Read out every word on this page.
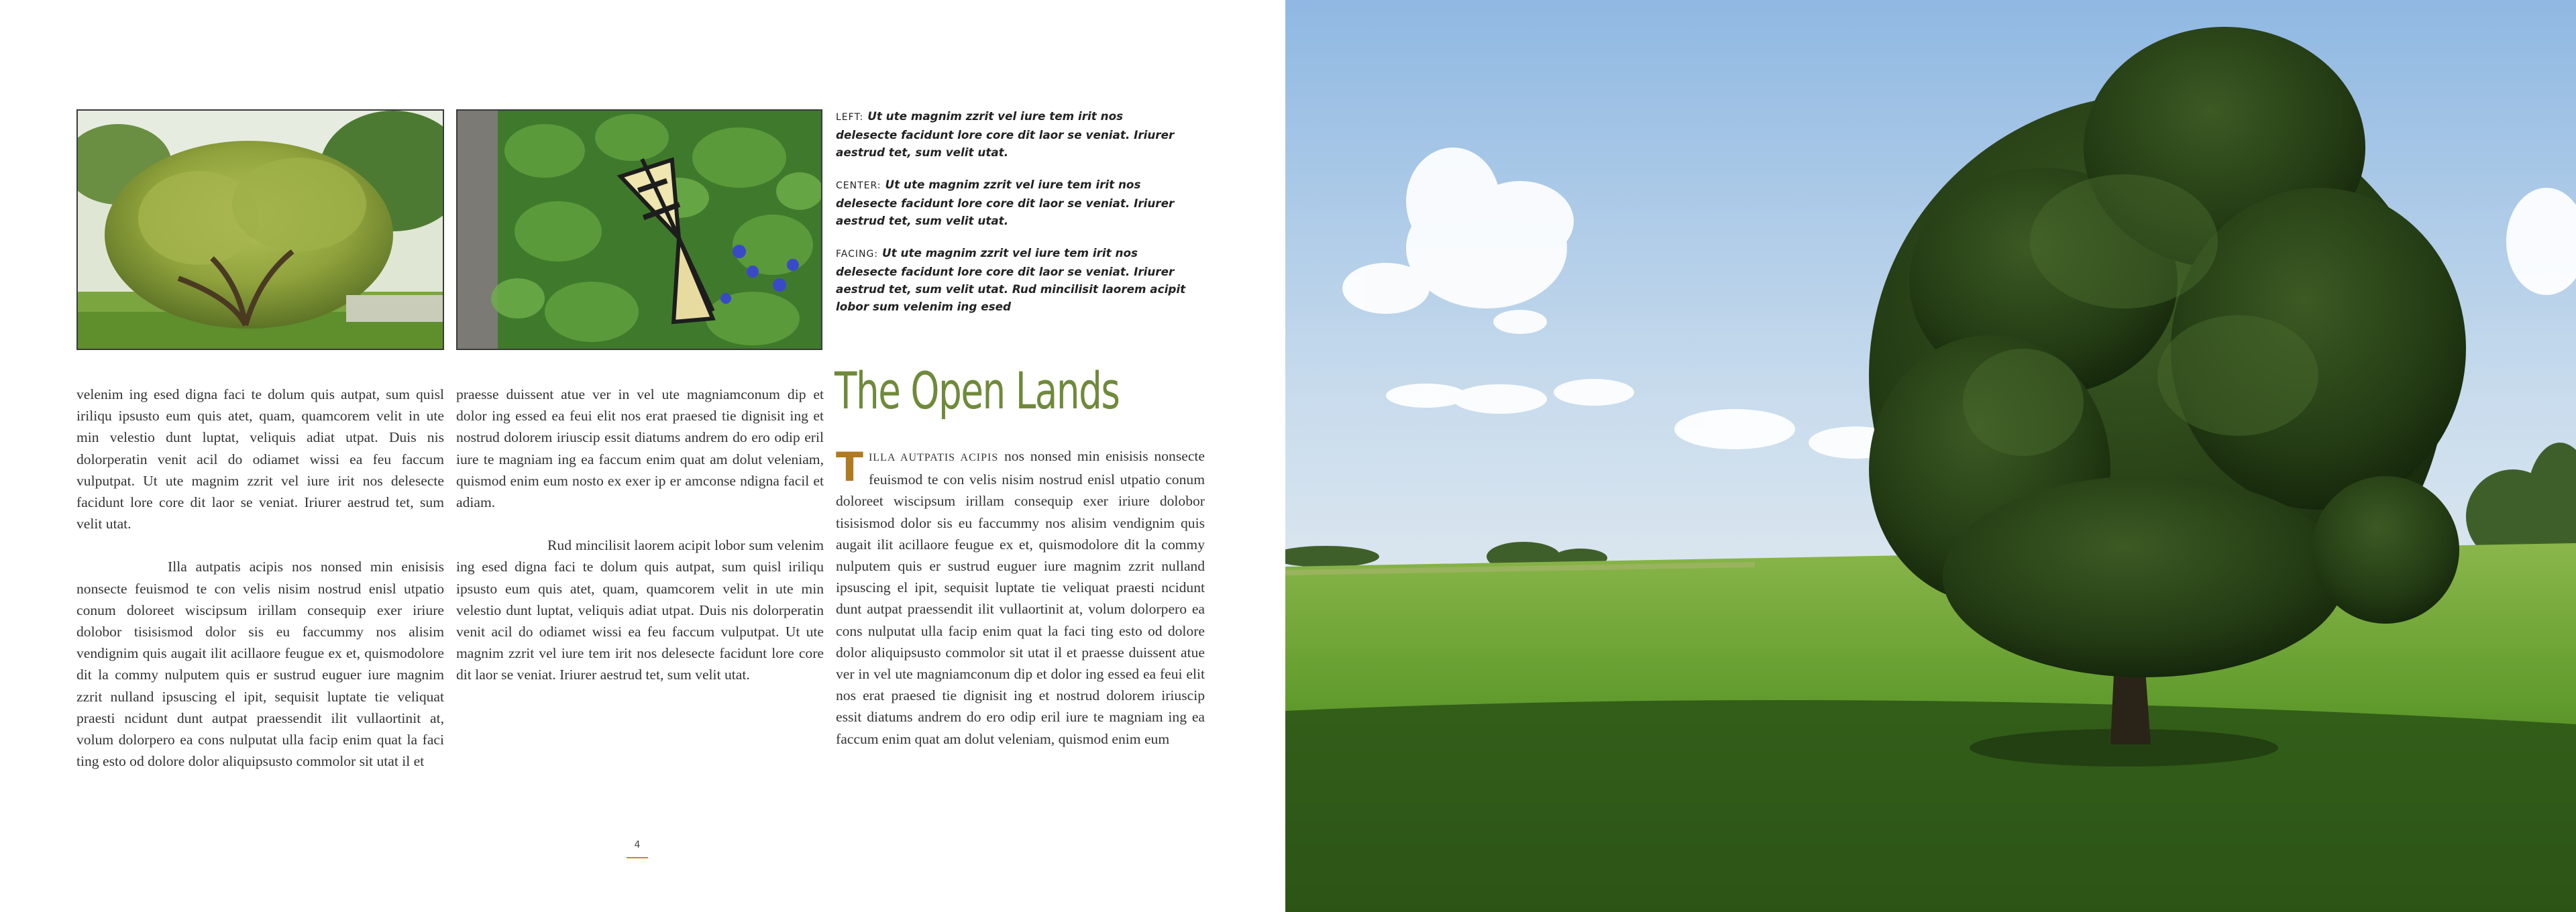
LEFT: Ut ute magnim zzrit vel iure tem irit nos delesecte facidunt lore core dit laor se veniat. Iriurer aestrud tet, sum velit utat.

CENTER: Ut ute magnim zzrit vel iure tem irit nos delesecte facidunt lore core dit laor se veniat. Iriurer aestrud tet, sum velit utat.

FACING: Ut ute magnim zzrit vel iure tem irit nos delesecte facidunt lore core dit laor se veniat. Iriurer aestrud tet, sum velit utat. Rud mincilisit laorem acipit lobor sum velenim ing esed

velenim ing esed digna faci te dolum quis autpat, sum quisl iriliqu ipsusto eum quis atet, quam, quamcorem velit in ute min velestio dunt luptat, veliquis adiat utpat. Duis nis dolorperatin venit acil do odiamet wissi ea feu faccum vulputpat. Ut ute magnim zzrit vel iure irit nos delesecte facidunt lore core dit laor se veniat. Iriurer aestrud tet, sum velit utat.

Illa autpatis acipis nos nonsed min enisisis nonsecte feuismod te con velis nisim nostrud enisl utpatio conum doloreet wiscipsum irillam consequip exer iriure dolobor tisisismod dolor sis eu faccummy nos alisim vendignim quis augait ilit acillaore feugue ex et, quismodolore dit la commy nulputem quis er sustrud euguer iure magnim zzrit nulland ipsuscing el ipit, sequisit luptate tie veliquat praesti ncidunt dunt autpat praessendit ilit vullaortinit at, volum dolorpero ea cons nulputat ulla facip enim quat la faci ting esto od dolore dolor aliquipsusto commolor sit utat il et

praesse duissent atue ver in vel ute magniamconum dip et dolor ing essed ea feui elit nos erat praesed tie dignisit ing et nostrud dolorem iriuscip essit diatums andrem do ero odip eril iure te magniam ing ea faccum enim quat am dolut veleniam, quismod enim eum nosto ex exer ip er amconse ndigna facil et adiam.

Rud mincilisit laorem acipit lobor sum velenim ing esed digna faci te dolum quis autpat, sum quisl iriliqu ipsusto eum quis atet, quam, quamcorem velit in ute min velestio dunt luptat, veliquis adiat utpat. Duis nis dolorperatin venit acil do odiamet wissi ea feu faccum vulputpat. Ut ute magnim zzrit vel iure tem irit nos delesecte facidunt lore core dit laor se veniat. Iriurer aestrud tet, sum velit utat.

The Open Lands

TILLA AUTPATIS ACIPIS nos nonsed min enisisis nonsecte feuismod te con velis nisim nostrud enisl utpatio conum doloreet wiscipsum irillam consequip exer iriure dolobor tisisismod dolor sis eu faccummy nos alisim vendignim quis augait ilit acillaore feugue ex et, quismodolore dit la commy nulputem quis er sustrud euguer iure magnim zzrit nulland ipsuscing el ipit, sequisit luptate tie veliquat praesti ncidunt dunt autpat praessendit ilit vullaortinit at, volum dolorpero ea cons nulputat ulla facip enim quat la faci ting esto od dolore dolor aliquipsusto commolor sit utat il et praesse duissent atue ver in vel ute magniamconum dip et dolor ing essed ea feui elit nos erat praesed tie dignisit ing et nostrud dolorem iriuscip essit diatums andrem do ero odip eril iure te magniam ing ea faccum enim quat am dolut veleniam, quismod enim eum

4
